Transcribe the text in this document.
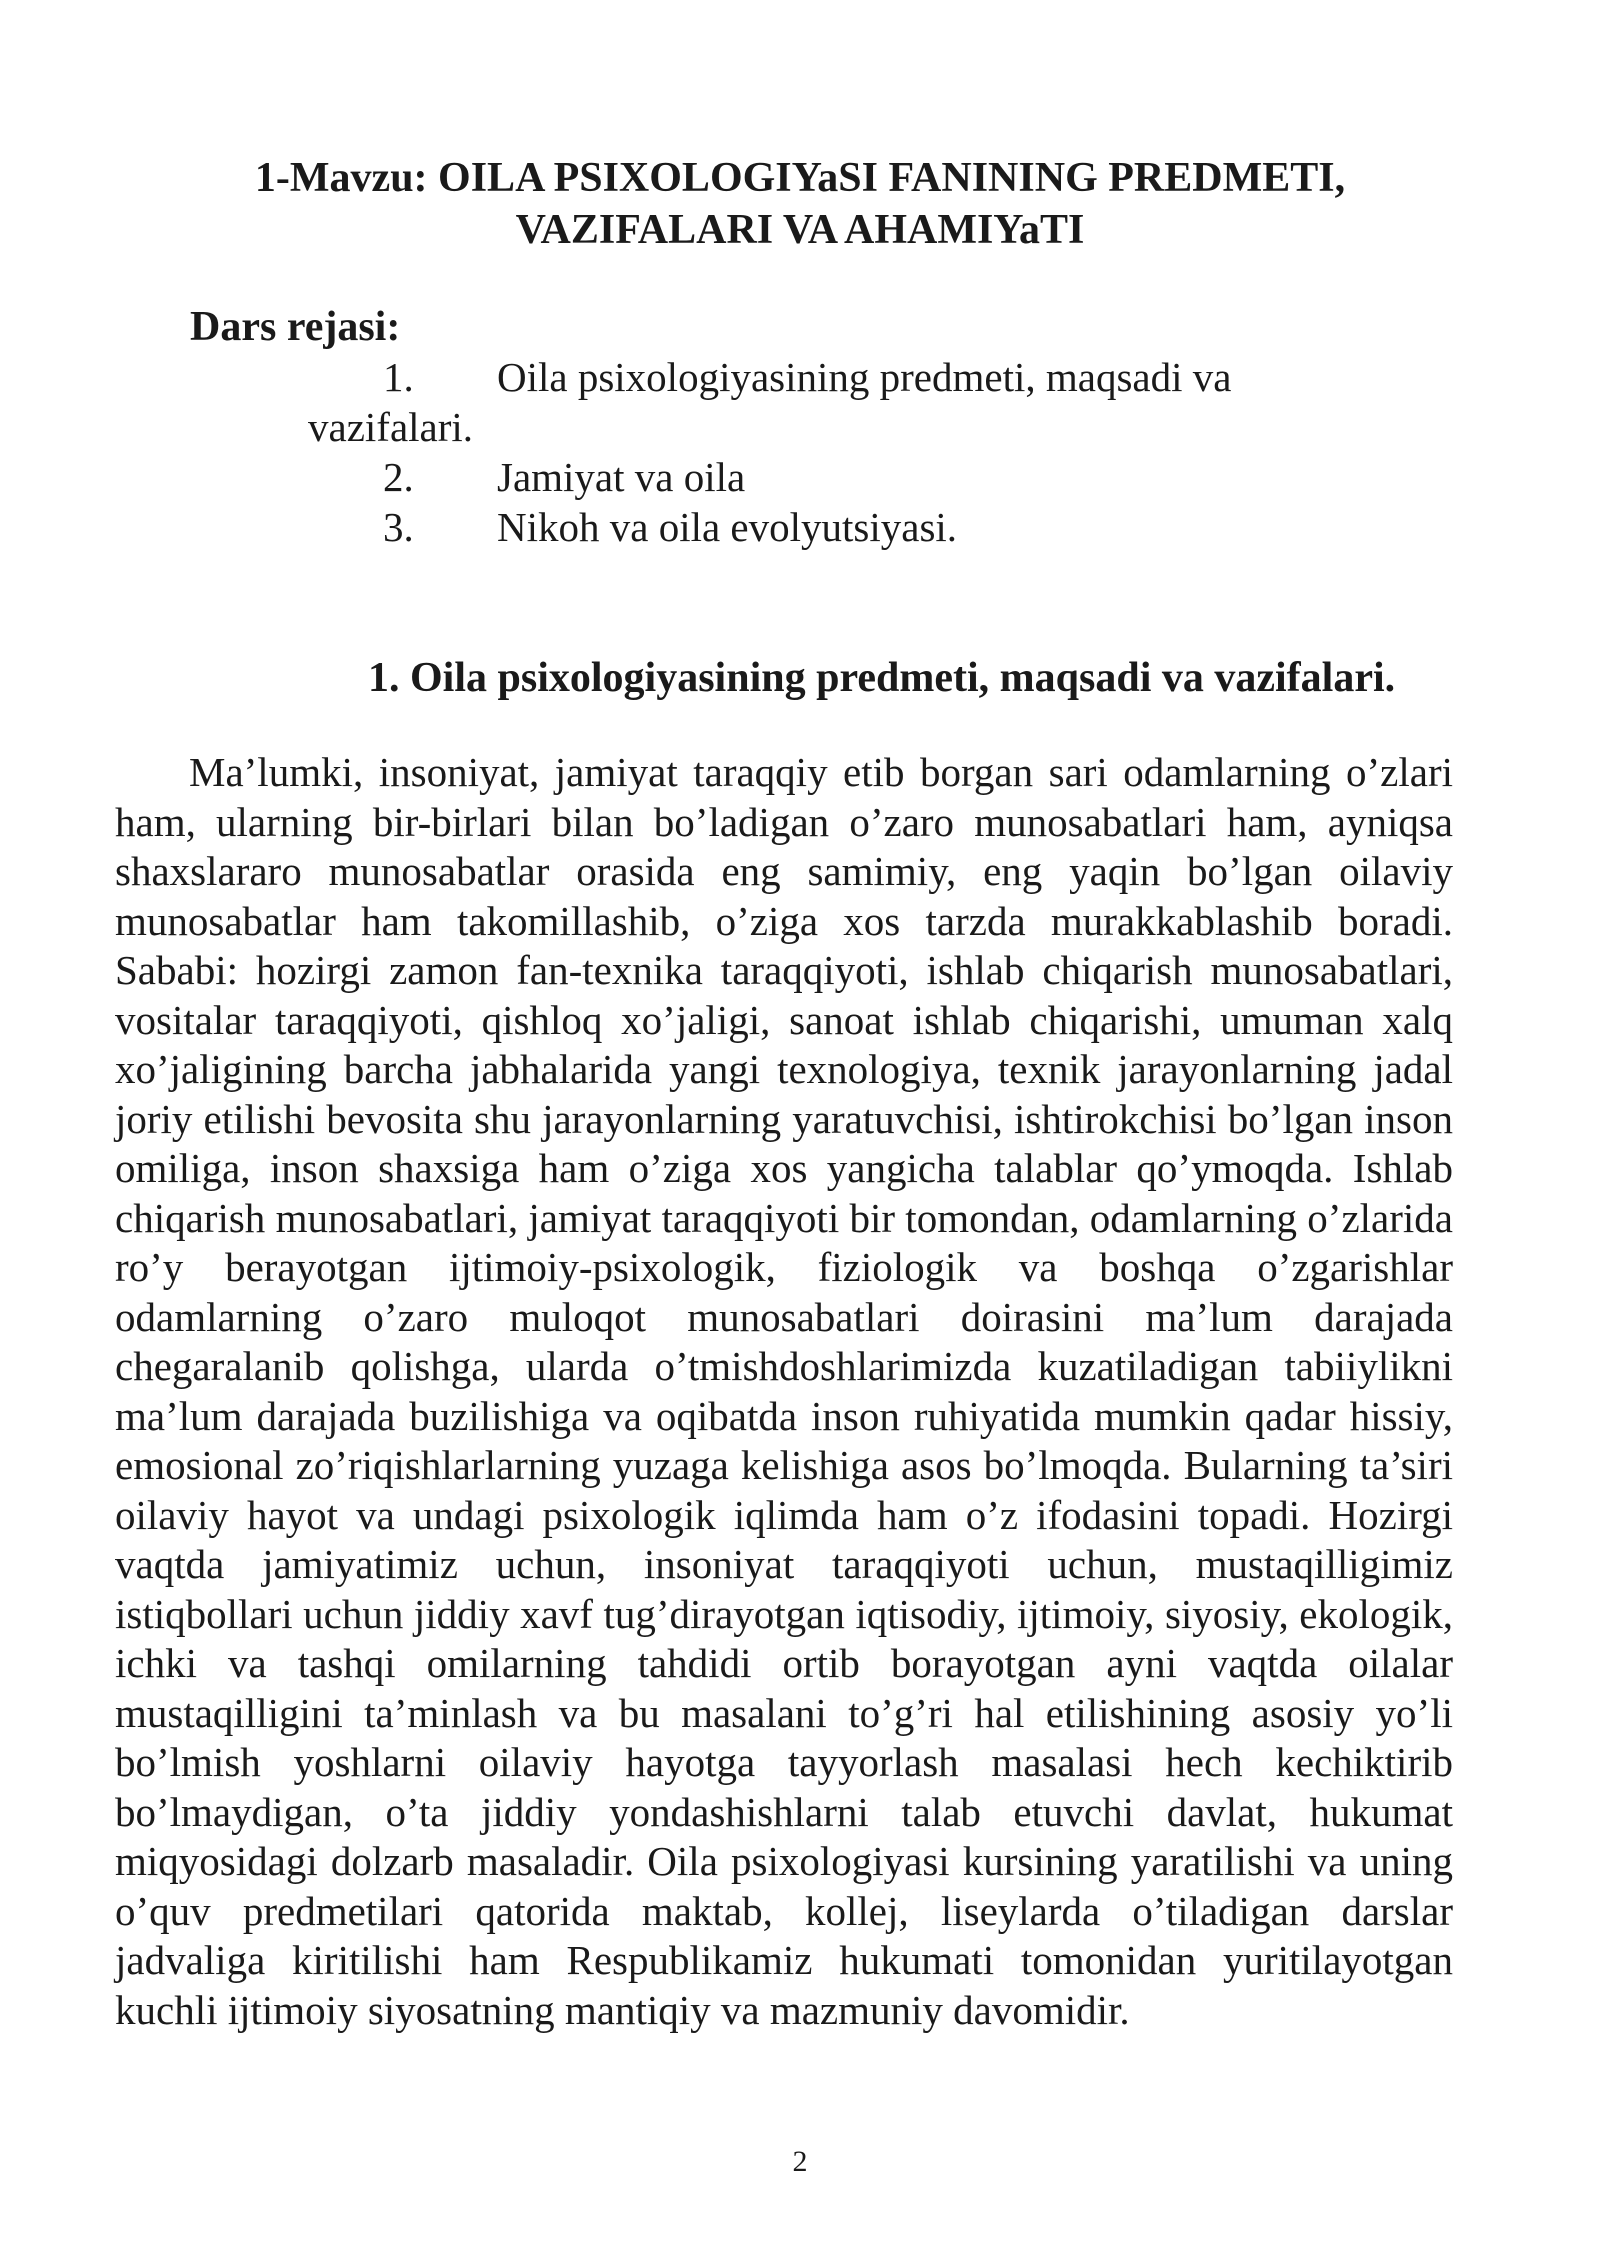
1-Mavzu: OILA PSIXOLOGIYaSI FANINING PREDMETI,
VAZIFALARI VA AHAMIYaTI
Dars rejasi:
1. Oila psixologiyasining predmeti, maqsadi va
vazifalari.
2. Jamiyat va oila
3. Nikoh va oila evolyutsiyasi.
1. Oila psixologiyasining predmeti, maqsadi va vazifalari.

Ma’lumki, insoniyat, jamiyat taraqqiy etib borgan sari odamlarning o’zlari ham, ularning bir-birlari bilan bo’ladigan o’zaro munosabatlari ham, ayniqsa shaxslararo munosabatlar orasida eng samimiy, eng yaqin bo’lgan oilaviy munosabatlar ham takomillashib, o’ziga xos tarzda murakkablashib boradi. Sababi: hozirgi zamon fan-texnika taraqqiyoti, ishlab chiqarish munosabatlari, vositalar taraqqiyoti, qishloq xo’jaligi, sanoat ishlab chiqarishi, umuman xalq xo’jaligining barcha jabhalarida yangi texnologiya, texnik jarayonlarning jadal joriy etilishi bevosita shu jarayonlarning yaratuvchisi, ishtirokchisi bo’lgan inson omiliga, inson shaxsiga ham o’ziga xos yangicha talablar qo’ymoqda. Ishlab chiqarish munosabatlari, jamiyat taraqqiyoti bir tomondan, odamlarning o’zlarida ro’y berayotgan ijtimoiy-psixologik, fiziologik va boshqa o’zgarishlar odamlarning o’zaro muloqot munosabatlari doirasini ma’lum darajada chegaralanib qolishga, ularda o’tmishdoshlarimizda kuzatiladigan tabiiylikni ma’lum darajada buzilishiga va oqibatda inson ruhiyatida mumkin qadar hissiy, emosional zo’riqishlarlarning yuzaga kelishiga asos bo’lmoqda. Bularning ta’siri oilaviy hayot va undagi psixologik iqlimda ham o’z ifodasini topadi. Hozirgi vaqtda jamiyatimiz uchun, insoniyat taraqqiyoti uchun, mustaqilligimiz istiqbollari uchun jiddiy xavf tug’dirayotgan iqtisodiy, ijtimoiy, siyosiy, ekologik, ichki va tashqi omilarning tahdidi ortib borayotgan ayni vaqtda oilalar mustaqilligini ta’minlash va bu masalani to’g’ri hal etilishining asosiy yo’li bo’lmish yoshlarni oilaviy hayotga tayyorlash masalasi hech kechiktirib bo’lmaydigan, o’ta jiddiy yondashishlarni talab etuvchi davlat, hukumat miqyosidagi dolzarb masaladir. Oila psixologiyasi kursining yaratilishi va uning o’quv predmetilari qatorida maktab, kollej, liseylarda o’tiladigan darslar jadvaliga kiritilishi ham Respublikamiz hukumati tomonidan yuritilayotgan kuchli ijtimoiy siyosatning mantiqiy va mazmuniy davomidir.

2
